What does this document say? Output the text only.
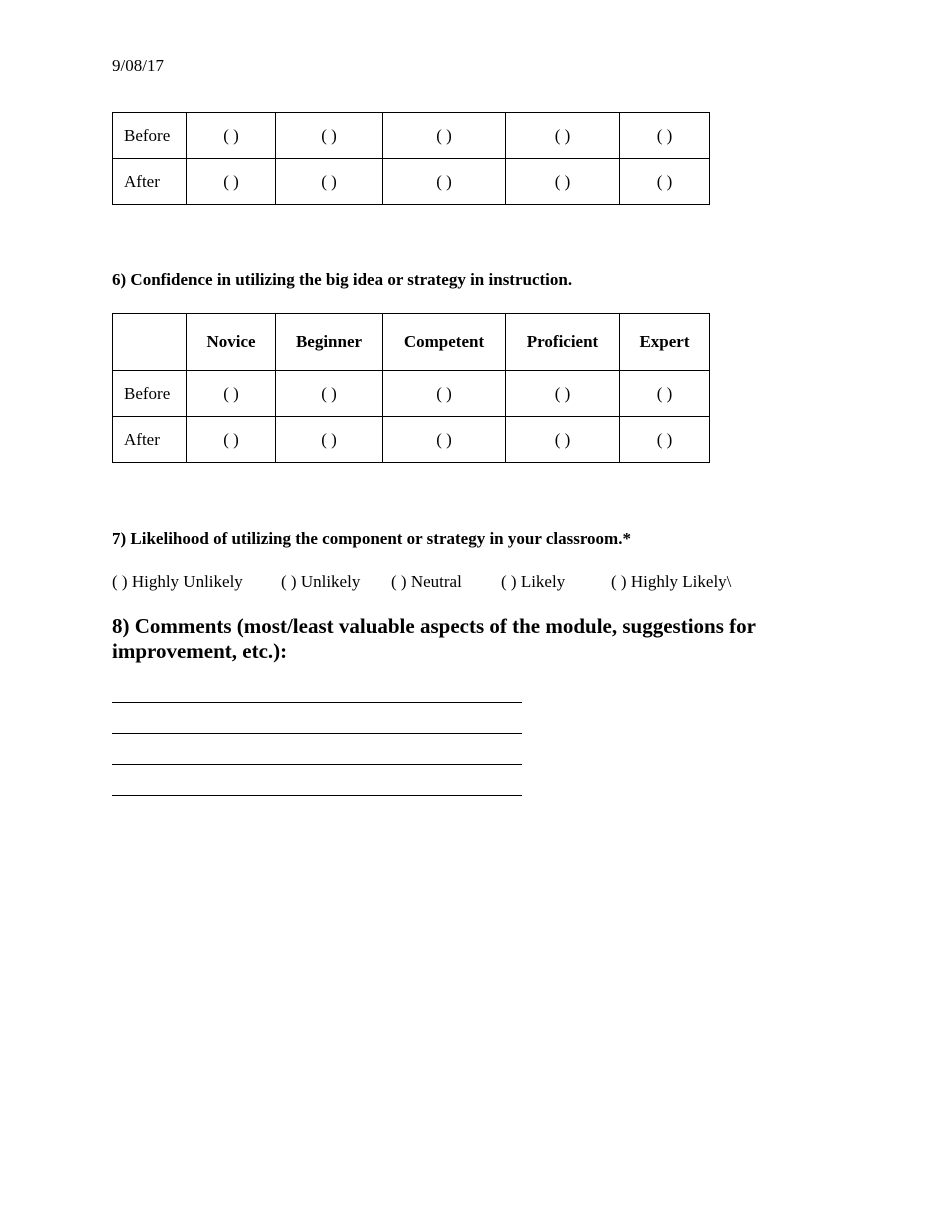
9/08/17
Before	( )	( )	( )	( )	( )
After	( )	( )	( )	( )	( )
6) Confidence in utilizing the big idea or strategy in instruction.
	Novice	Beginner	Competent	Proficient	Expert
Before	( )	( )	( )	( )	( )
After	( )	( )	( )	( )	( )
7) Likelihood of utilizing the component or strategy in your classroom.*
( ) Highly Unlikely ( ) Unlikely ( ) Neutral ( ) Likely	( ) Highly Likely\
8) Comments (most/least valuable aspects of the module, suggestions for improvement, etc.):
